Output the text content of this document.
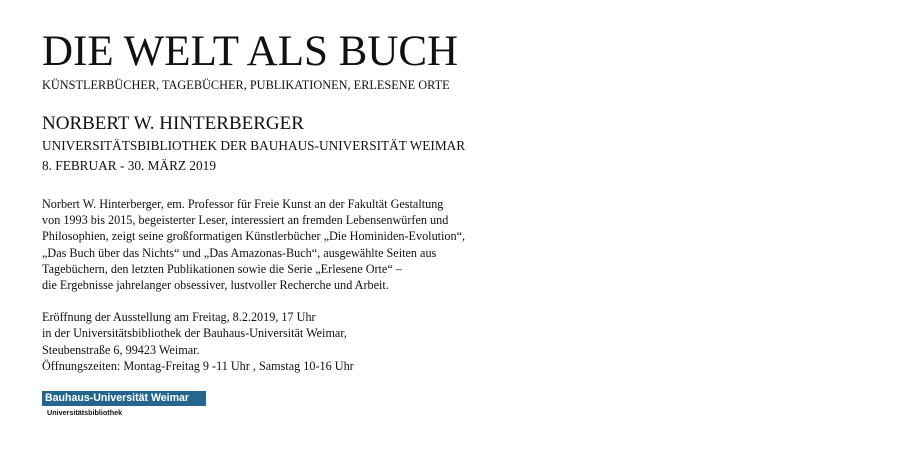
DIE WELT ALS BUCH
KÜNSTLERBÜCHER, TAGEBÜCHER, PUBLIKATIONEN, ERLESENE ORTE
NORBERT W. HINTERBERGER
UNIVERSITÄTSBIBLIOTHEK DER BAUHAUS-UNIVERSITÄT WEIMAR
8. FEBRUAR - 30. MÄRZ 2019
Norbert W. Hinterberger, em. Professor für Freie Kunst an der Fakultät Gestaltung
von 1993 bis 2015, begeisterter Leser, interessiert an fremden Lebensenwürfen und
Philosophien, zeigt seine großformatigen Künstlerbücher „Die Hominiden-Evolution“,
„Das Buch über das Nichts“ und „Das Amazonas-Buch“, ausgewählte Seiten aus
Tagebüchern, den letzten Publikationen sowie die Serie „Erlesene Orte“ –
die Ergebnisse jahrelanger obsessiver, lustvoller Recherche und Arbeit.
Eröffnung der Ausstellung am Freitag, 8.2.2019, 17 Uhr
in der Universitätsbibliothek der Bauhaus-Universität Weimar,
Steubenstraße 6, 99423 Weimar.
Öffnungszeiten: Montag-Freitag 9 -11 Uhr , Samstag 10-16 Uhr
Bauhaus-Universität Weimar
Universitätsbibliothek
